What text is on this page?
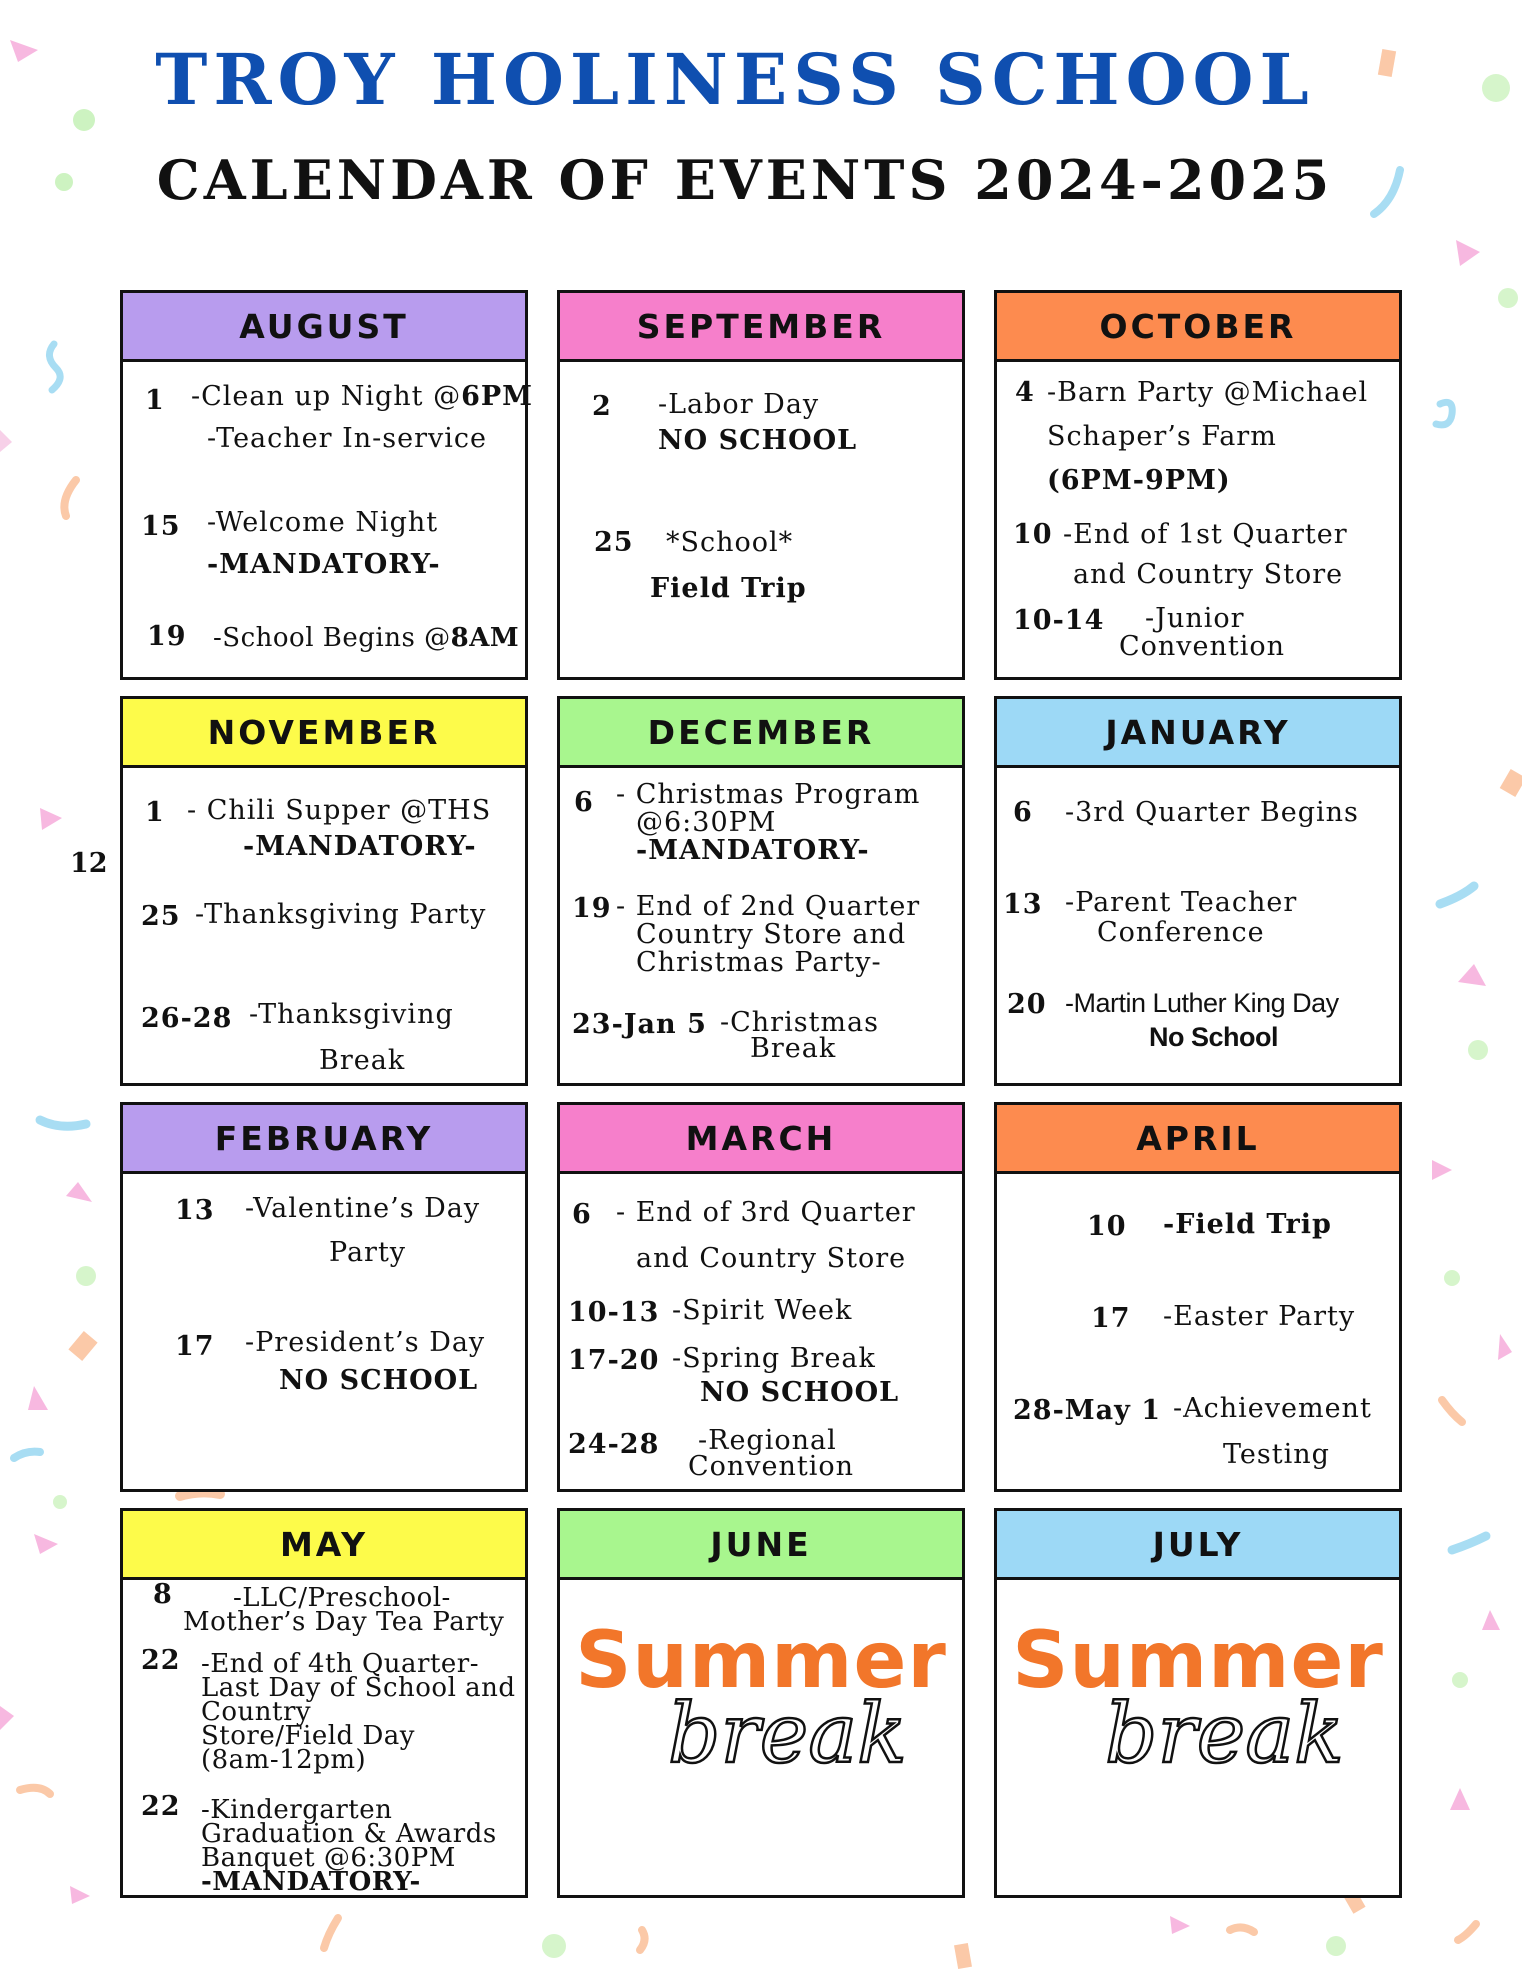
TROY HOLINESS SCHOOL
CALENDAR OF EVENTS 2024-2025
12
AUGUST
1 -Clean up Night @6PM
-Teacher In-service
15 -Welcome Night
-MANDATORY-
19 -School Begins @8AM
SEPTEMBER
2 -Labor Day
NO SCHOOL
25 *School*
Field Trip
OCTOBER
4 -Barn Party @Michael
Schaper’s Farm
(6PM-9PM)
10 -End of 1st Quarter
and Country Store
10-14 -Junior
Convention
NOVEMBER
1 - Chili Supper @THS
-MANDATORY-
25 -Thanksgiving Party
26-28 -Thanksgiving
Break
DECEMBER
6 - Christmas Program
@6:30PM
-MANDATORY-
19 - End of 2nd Quarter
Country Store and
Christmas Party-
23-Jan 5 -Christmas
Break
JANUARY
6 -3rd Quarter Begins
13 -Parent Teacher
Conference
20 -Martin Luther King Day
No School
FEBRUARY
13 -Valentine’s Day
Party
17 -President’s Day
NO SCHOOL
MARCH
6 - End of 3rd Quarter
and Country Store
10-13 -Spirit Week
17-20 -Spring Break
NO SCHOOL
24-28 -Regional
Convention
APRIL
10 -Field Trip
17 -Easter Party
28-May 1 -Achievement
Testing
MAY
8 -LLC/Preschool-
Mother’s Day Tea Party
22 -End of 4th Quarter-
Last Day of School and
Country
Store/Field Day
(8am-12pm)
22 -Kindergarten
Graduation & Awards
Banquet @6:30PM
-MANDATORY-
JUNE
Summer
break
JULY
Summer
break
